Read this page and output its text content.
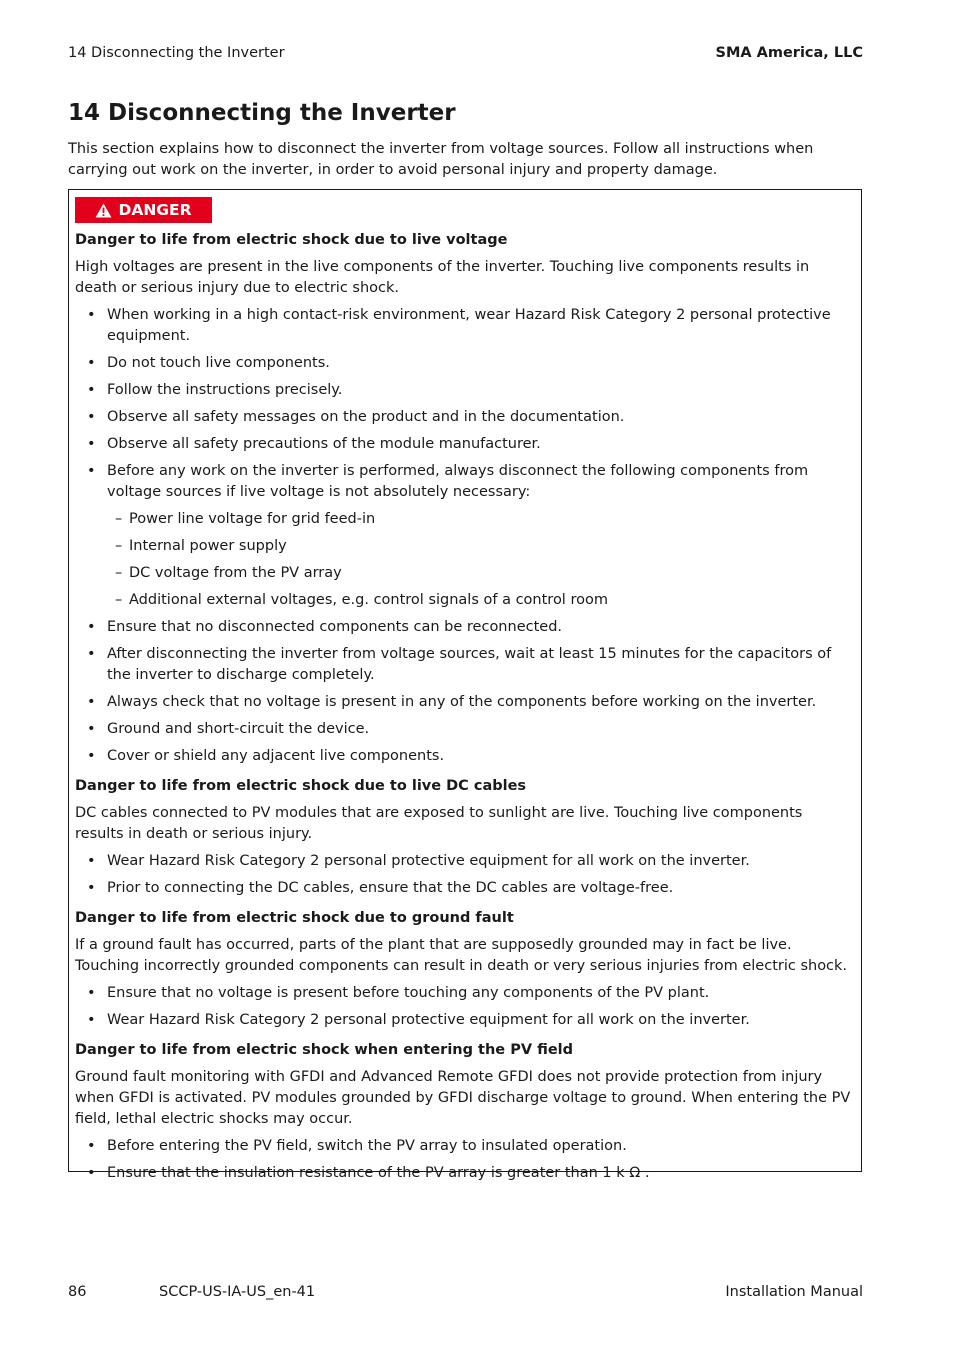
14 Disconnecting the Inverter	SMA America, LLC
14 Disconnecting the Inverter

This section explains how to disconnect the inverter from voltage sources. Follow all instructions when carrying out work on the inverter, in order to avoid personal injury and property damage.

DANGER

Danger to life from electric shock due to live voltage

High voltages are present in the live components of the inverter. Touching live components results in death or serious injury due to electric shock.

• When working in a high contact-risk environment, wear Hazard Risk Category 2 personal protective equipment.
• Do not touch live components.
• Follow the instructions precisely.
• Observe all safety messages on the product and in the documentation.
• Observe all safety precautions of the module manufacturer.
• Before any work on the inverter is performed, always disconnect the following components from voltage sources if live voltage is not absolutely necessary:
– Power line voltage for grid feed-in
– Internal power supply
– DC voltage from the PV array
– Additional external voltages, e.g. control signals of a control room
• Ensure that no disconnected components can be reconnected.
• After disconnecting the inverter from voltage sources, wait at least 15 minutes for the capacitors of the inverter to discharge completely.
• Always check that no voltage is present in any of the components before working on the inverter.
• Ground and short-circuit the device.
• Cover or shield any adjacent live components.

Danger to life from electric shock due to live DC cables

DC cables connected to PV modules that are exposed to sunlight are live. Touching live components results in death or serious injury.

• Wear Hazard Risk Category 2 personal protective equipment for all work on the inverter.
• Prior to connecting the DC cables, ensure that the DC cables are voltage-free.

Danger to life from electric shock due to ground fault

If a ground fault has occurred, parts of the plant that are supposedly grounded may in fact be live. Touching incorrectly grounded components can result in death or very serious injuries from electric shock.

• Ensure that no voltage is present before touching any components of the PV plant.
• Wear Hazard Risk Category 2 personal protective equipment for all work on the inverter.

Danger to life from electric shock when entering the PV field

Ground fault monitoring with GFDI and Advanced Remote GFDI does not provide protection from injury when GFDI is activated. PV modules grounded by GFDI discharge voltage to ground. When entering the PV field, lethal electric shocks may occur.

• Before entering the PV field, switch the PV array to insulated operation.
• Ensure that the insulation resistance of the PV array is greater than 1 k Ω .
86	SCCP-US-IA-US_en-41	Installation Manual
